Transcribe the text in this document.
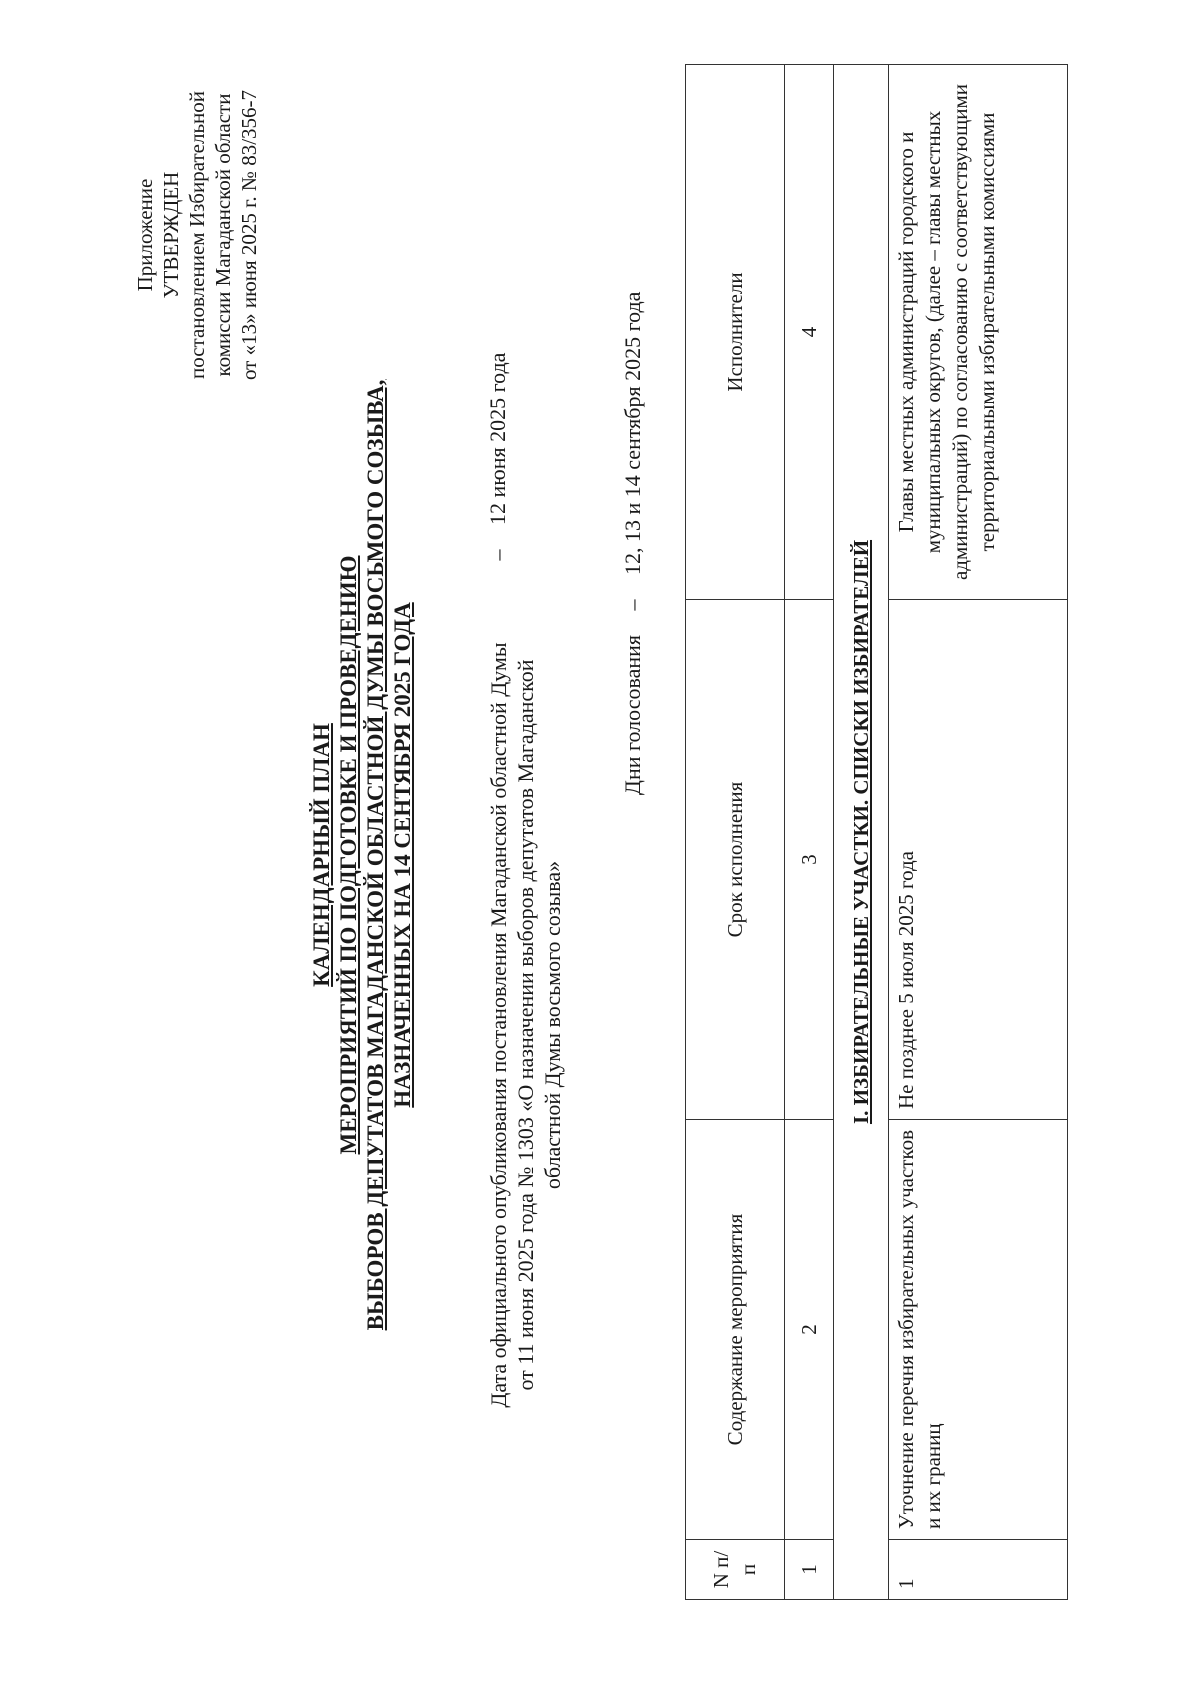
Приложение УТВЕРЖДЕН постановлением Избирательной комиссии Магаданской области от «13» июня 2025 г. № 83/356-7
КАЛЕНДАРНЫЙ ПЛАН МЕРОПРИЯТИЙ ПО ПОДГОТОВКЕ И ПРОВЕДЕНИЮ ВЫБОРОВ ДЕПУТАТОВ МАГАДАНСКОЙ ОБЛАСТНОЙ ДУМЫ ВОСЬМОГО СОЗЫВА, НАЗНАЧЕННЫХ НА 14 СЕНТЯБРЯ 2025 ГОДА	Дата официального опубликования постановления Магаданской областной Думы от 11 июня 2025 года № 1303 «О назначении выборов депутатов Магаданской областной Думы восьмого созыва»
–
12 июня 2025 года
Дни голосования
–
12, 13 и 14 сентября 2025 года
N п/п	Содержание мероприятия	Срок исполнения	Исполнители
1	2	3	4
I. ИЗБИРАТЕЛЬНЫЕ УЧАСТКИ. СПИСКИ ИЗБИРАТЕЛЕЙ			
1	Уточнение перечня избирательных участков и их границ	Не позднее 5 июля 2025 года	Главы местных администраций городского и муниципальных округов, (далее – главы местных администраций) по согласованию с соответствующими территориальными избирательными комиссиями
